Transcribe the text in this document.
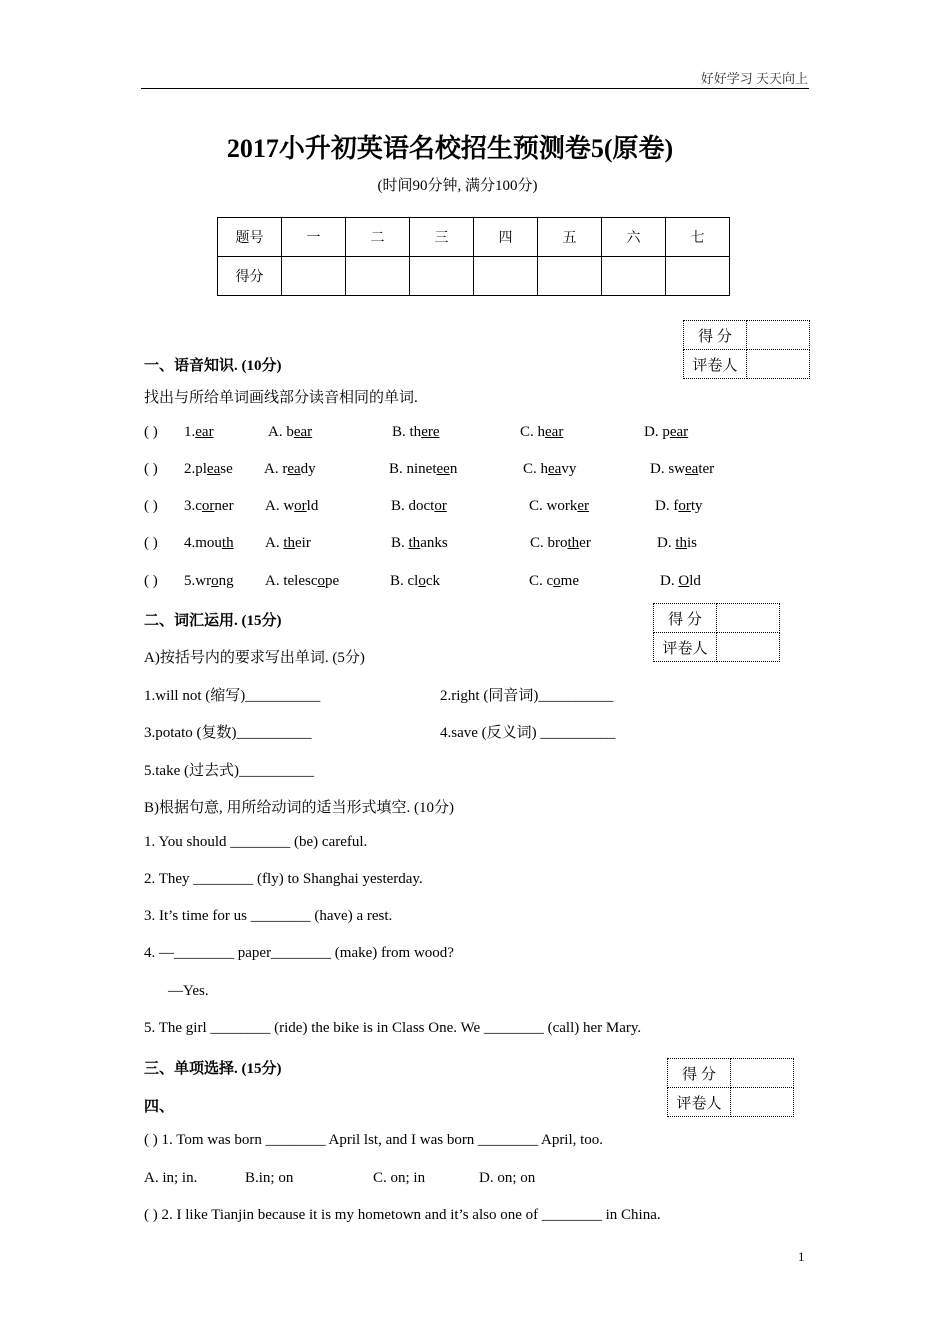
好好学习 天天向上
2017小升初英语名校招生预测卷5(原卷)
(时间90分钟, 满分100分)
题号	一	二	三	四	五	六	七
得分							
得 分	
评卷人	
一、语音知识. (10分)
找出与所给单词画线部分读音相同的单词.
( ) 1.ear	A. bear	B. there	C. hear	D. pear
( ) 2.please A. ready	B. nineteen	C. heavy	D. sweater
( ) 3.corner A. world	B. doctor	C. worker	D. forty
( ) 4.mouth A. their	B. thanks	C. brother	D. this
( ) 5.wrong A. telescope	B. clock	C. come	D. Old
得 分	
评卷人	
二、词汇运用. (15分)
A)按括号内的要求写出单词. (5分)
1.will not (缩写)__________	2.right (同音词)__________
3.potato (复数)__________	4.save (反义词) __________
5.take (过去式)__________
B)根据句意, 用所给动词的适当形式填空. (10分)
1. You should ________ (be) careful.
2. They ________ (fly) to Shanghai yesterday.
3. It’s time for us ________ (have) a rest.
4. —________ paper________ (make) from wood?
—Yes.
5. The girl ________ (ride) the bike is in Class One. We ________ (call) her Mary.
得 分	
评卷人	
三、单项选择. (15分)
四、
( ) 1. Tom was born ________ April lst, and I was born ________ April, too.
A. in; in.	B.in; on	C. on; in	D. on; on
( ) 2. I like Tianjin because it is my hometown and it’s also one of ________ in China.
1
